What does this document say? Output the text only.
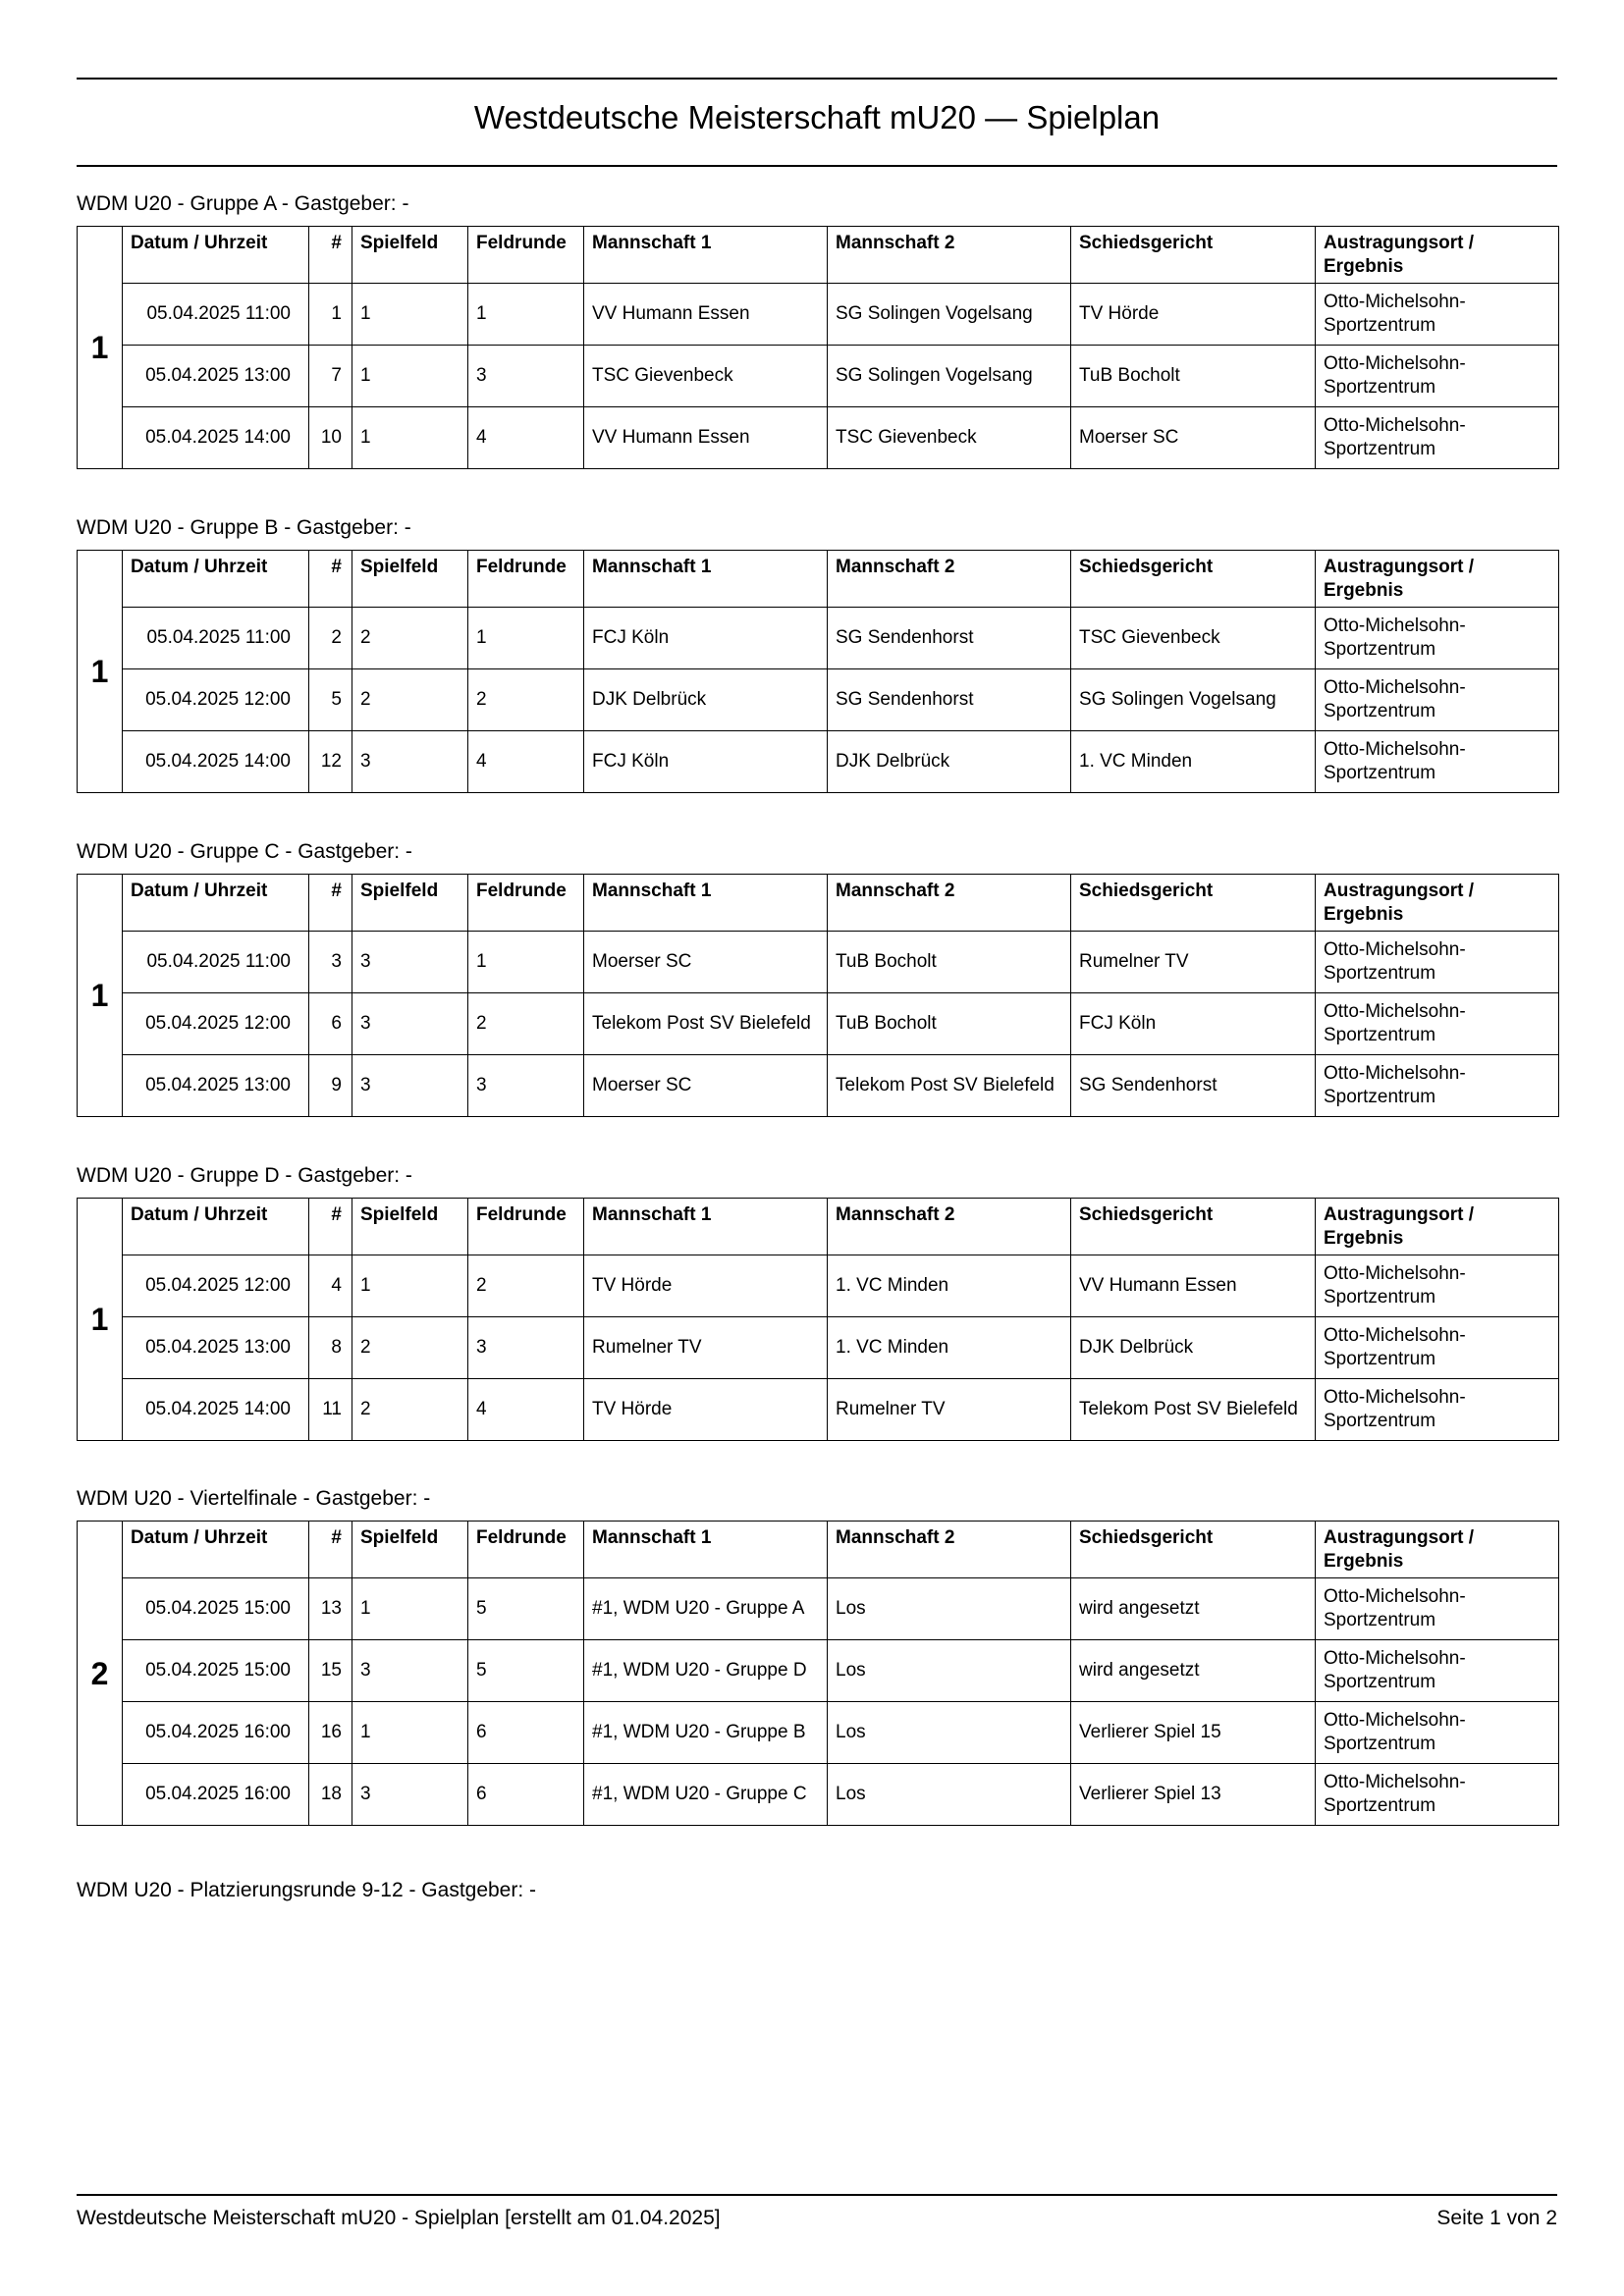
Westdeutsche Meisterschaft mU20 — Spielplan
WDM U20 - Gruppe A - Gastgeber: -
1	Datum / Uhrzeit	#	Spielfeld	Feldrunde	Mannschaft 1	Mannschaft 2	Schiedsgericht	Austragungsort / Ergebnis
	05.04.2025 11:00	1	1	1	VV Humann Essen	SG Solingen Vogelsang	TV Hörde	Otto-Michelsohn-Sportzentrum
	05.04.2025 13:00	7	1	3	TSC Gievenbeck	SG Solingen Vogelsang	TuB Bocholt	Otto-Michelsohn-Sportzentrum
	05.04.2025 14:00	10	1	4	VV Humann Essen	TSC Gievenbeck	Moerser SC	Otto-Michelsohn-Sportzentrum
WDM U20 - Gruppe B - Gastgeber: -
1	Datum / Uhrzeit	#	Spielfeld	Feldrunde	Mannschaft 1	Mannschaft 2	Schiedsgericht	Austragungsort / Ergebnis
	05.04.2025 11:00	2	2	1	FCJ Köln	SG Sendenhorst	TSC Gievenbeck	Otto-Michelsohn-Sportzentrum
	05.04.2025 12:00	5	2	2	DJK Delbrück	SG Sendenhorst	SG Solingen Vogelsang	Otto-Michelsohn-Sportzentrum
	05.04.2025 14:00	12	3	4	FCJ Köln	DJK Delbrück	1. VC Minden	Otto-Michelsohn-Sportzentrum
WDM U20 - Gruppe C - Gastgeber: -
1	Datum / Uhrzeit	#	Spielfeld	Feldrunde	Mannschaft 1	Mannschaft 2	Schiedsgericht	Austragungsort / Ergebnis
	05.04.2025 11:00	3	3	1	Moerser SC	TuB Bocholt	Rumelner TV	Otto-Michelsohn-Sportzentrum
	05.04.2025 12:00	6	3	2	Telekom Post SV Bielefeld	TuB Bocholt	FCJ Köln	Otto-Michelsohn-Sportzentrum
	05.04.2025 13:00	9	3	3	Moerser SC	Telekom Post SV Bielefeld	SG Sendenhorst	Otto-Michelsohn-Sportzentrum
WDM U20 - Gruppe D - Gastgeber: -
1	Datum / Uhrzeit	#	Spielfeld	Feldrunde	Mannschaft 1	Mannschaft 2	Schiedsgericht	Austragungsort / Ergebnis
	05.04.2025 12:00	4	1	2	TV Hörde	1. VC Minden	VV Humann Essen	Otto-Michelsohn-Sportzentrum
	05.04.2025 13:00	8	2	3	Rumelner TV	1. VC Minden	DJK Delbrück	Otto-Michelsohn-Sportzentrum
	05.04.2025 14:00	11	2	4	TV Hörde	Rumelner TV	Telekom Post SV Bielefeld	Otto-Michelsohn-Sportzentrum
WDM U20 - Viertelfinale - Gastgeber: -
2	Datum / Uhrzeit	#	Spielfeld	Feldrunde	Mannschaft 1	Mannschaft 2	Schiedsgericht	Austragungsort / Ergebnis
	05.04.2025 15:00	13	1	5	#1, WDM U20 - Gruppe A	Los	wird angesetzt	Otto-Michelsohn-Sportzentrum
	05.04.2025 15:00	15	3	5	#1, WDM U20 - Gruppe D	Los	wird angesetzt	Otto-Michelsohn-Sportzentrum
	05.04.2025 16:00	16	1	6	#1, WDM U20 - Gruppe B	Los	Verlierer Spiel 15	Otto-Michelsohn-Sportzentrum
	05.04.2025 16:00	18	3	6	#1, WDM U20 - Gruppe C	Los	Verlierer Spiel 13	Otto-Michelsohn-Sportzentrum
WDM U20 - Platzierungsrunde 9-12 - Gastgeber: -
Westdeutsche Meisterschaft mU20 - Spielplan [erstellt am 01.04.2025]	Seite 1 von 2
